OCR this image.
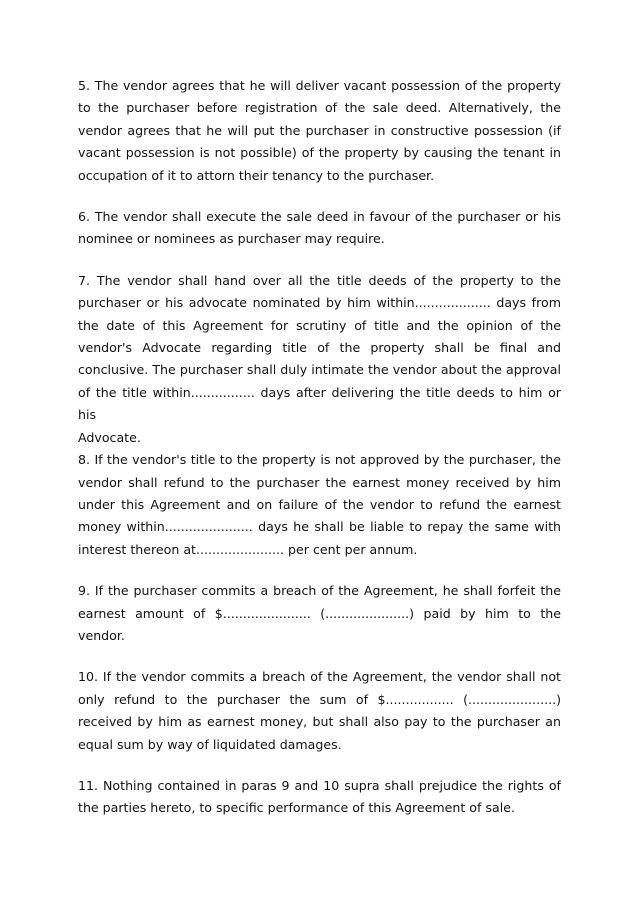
5. The vendor agrees that he will deliver vacant possession of the property to the purchaser before registration of the sale deed. Alternatively, the vendor agrees that he will put the purchaser in constructive possession (if vacant possession is not possible) of the property by causing the tenant in occupation of it to attorn their tenancy to the purchaser.

6. The vendor shall execute the sale deed in favour of the purchaser or his nominee or nominees as purchaser may require.

7. The vendor shall hand over all the title deeds of the property to the purchaser or his advocate nominated by him within................... days from the date of this Agreement for scrutiny of title and the opinion of the vendor's Advocate regarding title of the property shall be final and conclusive. The purchaser shall duly intimate the vendor about the approval of the title within................ days after delivering the title deeds to him or his

Advocate.

8. If the vendor's title to the property is not approved by the purchaser, the vendor shall refund to the purchaser the earnest money received by him under this Agreement and on failure of the vendor to refund the earnest money within...................... days he shall be liable to repay the same with interest thereon at...................... per cent per annum.

9. If the purchaser commits a breach of the Agreement, he shall forfeit the earnest amount of $...................... (.....................) paid by him to the vendor.

10. If the vendor commits a breach of the Agreement, the vendor shall not only refund to the purchaser the sum of $................. (......................) received by him as earnest money, but shall also pay to the purchaser an equal sum by way of liquidated damages.

11. Nothing contained in paras 9 and 10 supra shall prejudice the rights of the parties hereto, to specific performance of this Agreement of sale.
